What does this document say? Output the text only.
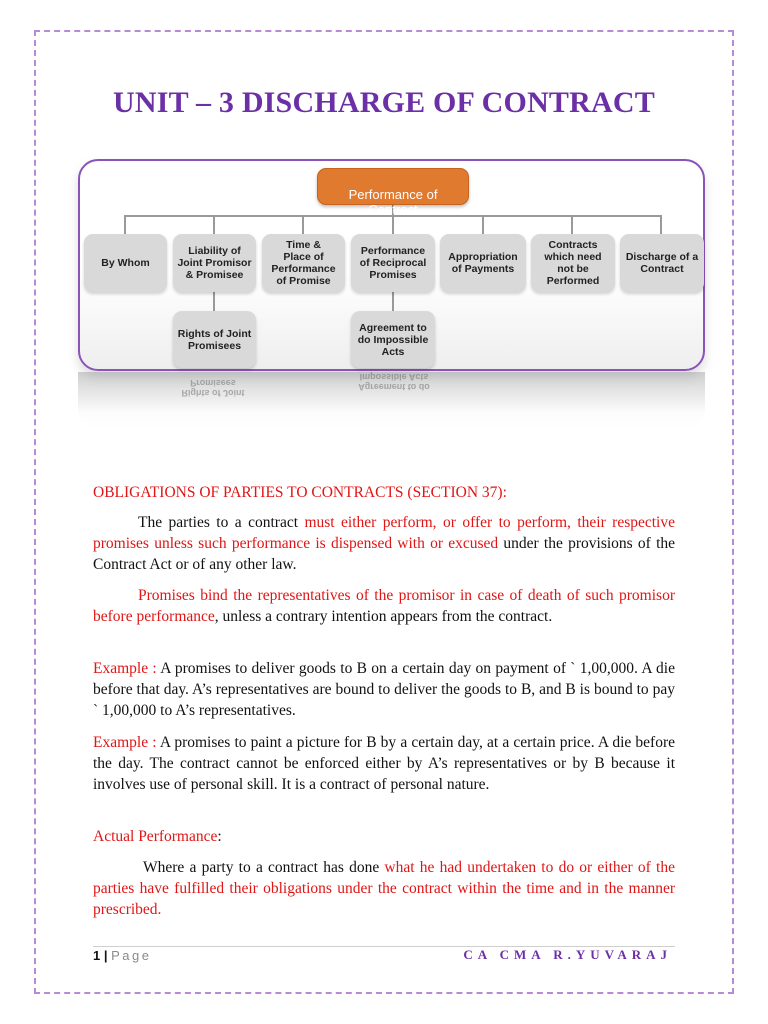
UNIT – 3 DISCHARGE OF CONTRACT
Rights of Joint Promisees	Agreement to do Impossible Acts

Performance of
Contract

By Whom
Liability of
Joint Promisor
& Promisee
Time &
Place of
Performance
of Promise
Performance
of Reciprocal
Promises
Appropriation
of Payments
Contracts
which need
not be
Performed
Discharge of a
Contract
Rights of Joint
Promisees
Agreement to
do Impossible
Acts
OBLIGATIONS OF PARTIES TO CONTRACTS (SECTION 37):
The parties to a contract must either perform, or offer to perform, their respective promises unless such performance is dispensed with or excused under the provisions of the Contract Act or of any other law.
Promises bind the representatives of the promisor in case of death of such promisor before performance, unless a contrary intention appears from the contract.
Example : A promises to deliver goods to B on a certain day on payment of ` 1,00,000. A die before that day. A’s representatives are bound to deliver the goods to B, and B is bound to pay ` 1,00,000 to A’s representatives.
Example : A promises to paint a picture for B by a certain day, at a certain price. A die before the day. The contract cannot be enforced either by A’s representatives or by B because it involves use of personal skill. It is a contract of personal nature.
Actual Performance:
Where a party to a contract has done what he had undertaken to do or either of the parties have fulfilled their obligations under the contract within the time and in the manner prescribed.
1 | Page	CA CMA R.YUVARAJ
